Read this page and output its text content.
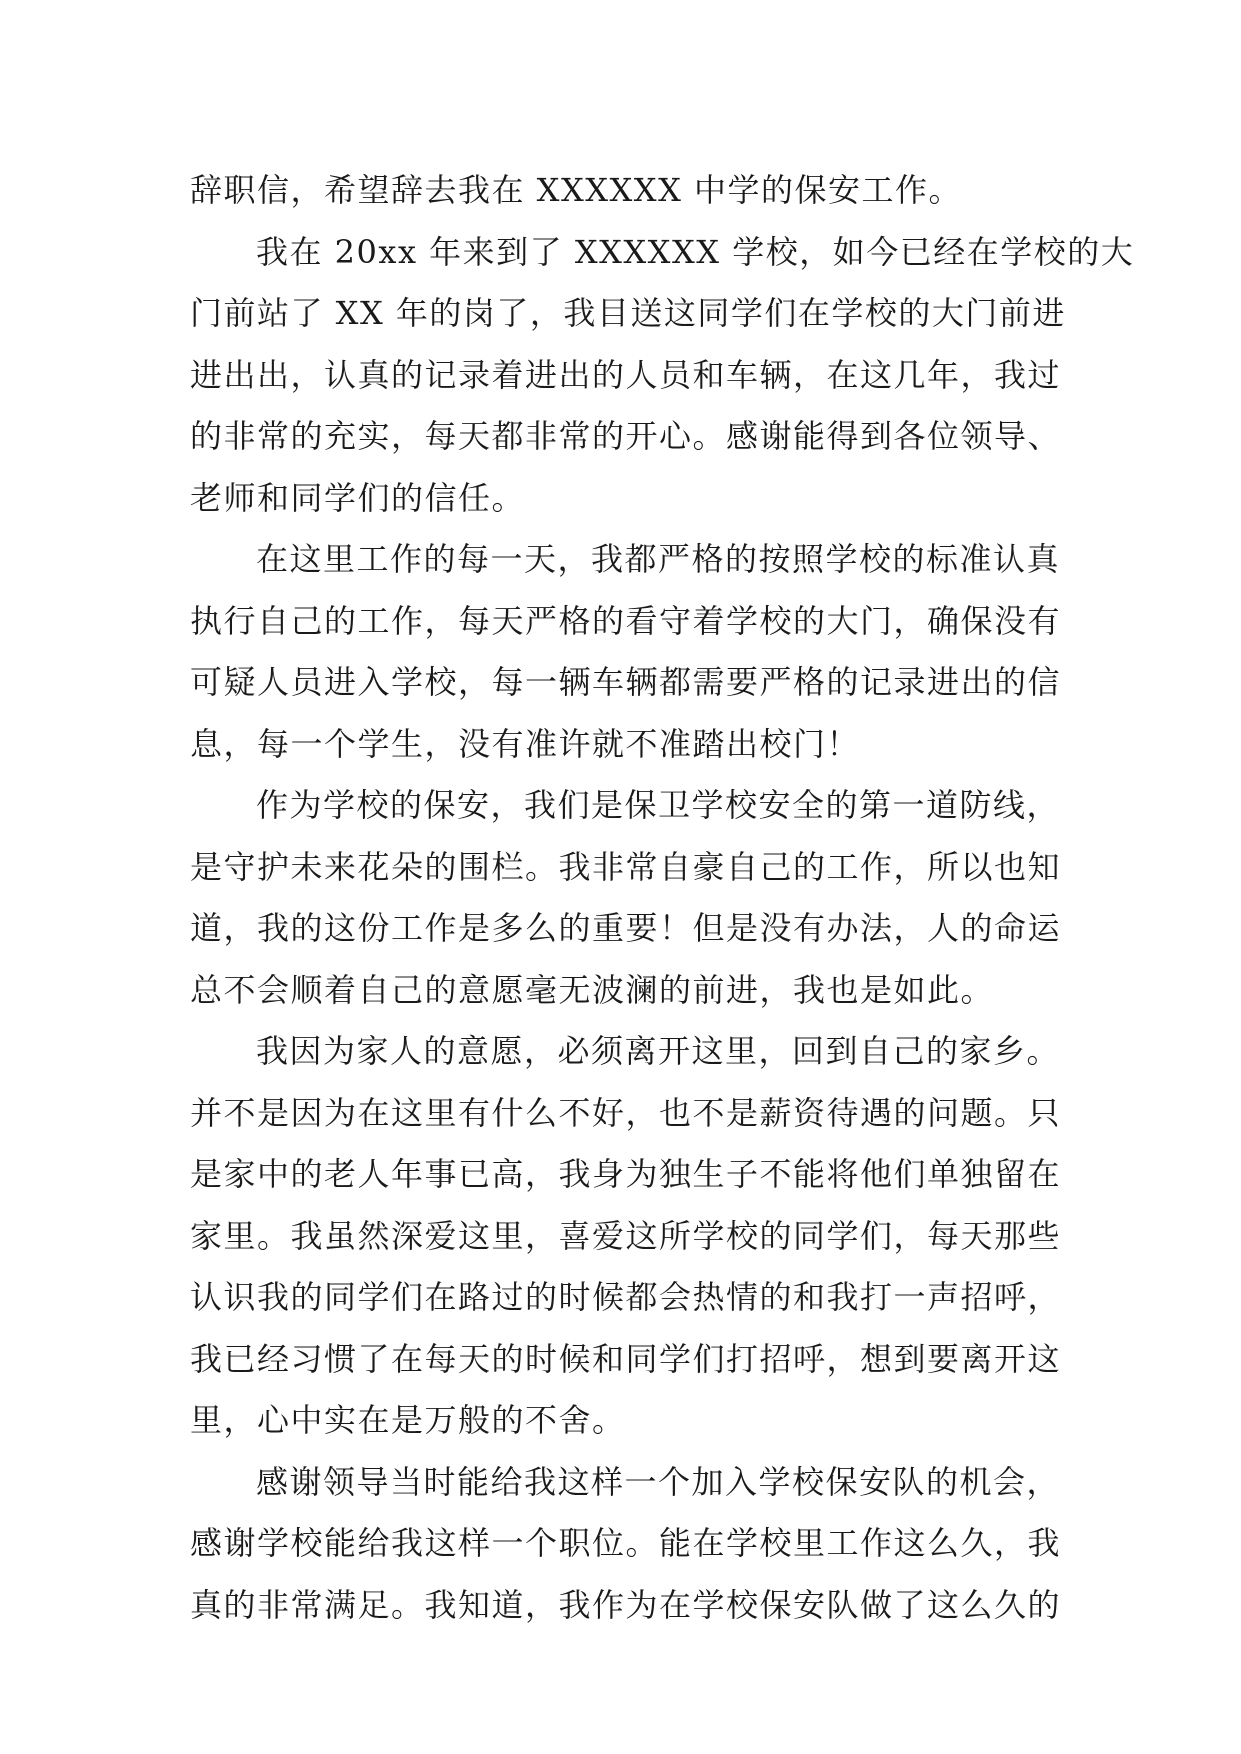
辞职信，希望辞去我在 XXXXXX 中学的保安工作。
我在 20xx 年来到了 XXXXXX 学校，如今已经在学校的大
门前站了 XX 年的岗了，我目送这同学们在学校的大门前进
进出出，认真的记录着进出的人员和车辆，在这几年，我过
的非常的充实，每天都非常的开心。感谢能得到各位领导、
老师和同学们的信任。
在这里工作的每一天，我都严格的按照学校的标准认真
执行自己的工作，每天严格的看守着学校的大门，确保没有
可疑人员进入学校，每一辆车辆都需要严格的记录进出的信
息，每一个学生，没有准许就不准踏出校门！
作为学校的保安，我们是保卫学校安全的第一道防线，
是守护未来花朵的围栏。我非常自豪自己的工作，所以也知
道，我的这份工作是多么的重要！但是没有办法，人的命运
总不会顺着自己的意愿毫无波澜的前进，我也是如此。
我因为家人的意愿，必须离开这里，回到自己的家乡。
并不是因为在这里有什么不好，也不是薪资待遇的问题。只
是家中的老人年事已高，我身为独生子不能将他们单独留在
家里。我虽然深爱这里，喜爱这所学校的同学们，每天那些
认识我的同学们在路过的时候都会热情的和我打一声招呼，
我已经习惯了在每天的时候和同学们打招呼，想到要离开这
里，心中实在是万般的不舍。
感谢领导当时能给我这样一个加入学校保安队的机会，
感谢学校能给我这样一个职位。能在学校里工作这么久，我
真的非常满足。我知道，我作为在学校保安队做了这么久的
